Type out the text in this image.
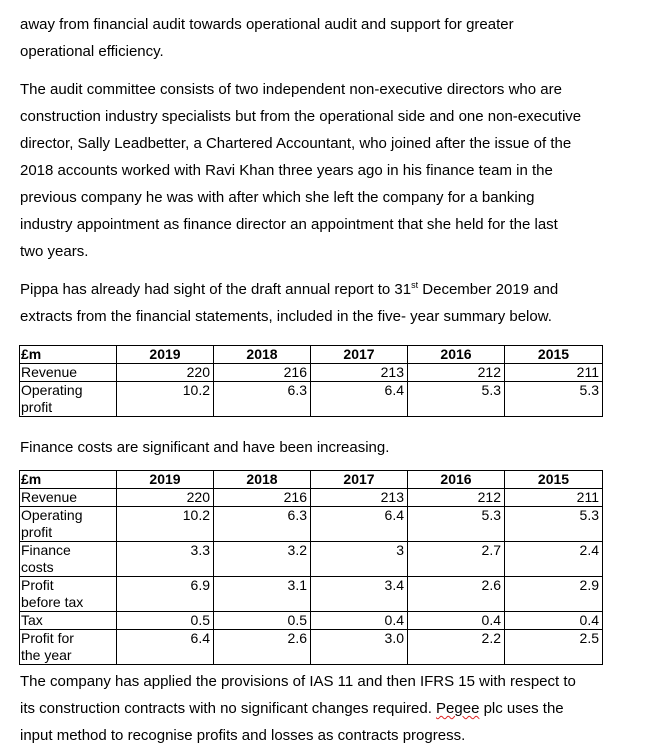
away from financial audit towards operational audit and support for greater
operational efficiency.
The audit committee consists of two independent non-executive directors who are
construction industry specialists but from the operational side and one non-executive
director, Sally Leadbetter, a Chartered Accountant, who joined after the issue of the
2018 accounts worked with Ravi Khan three years ago in his finance team in the
previous company he was with after which she left the company for a banking
industry appointment as finance director an appointment that she held for the last
two years.
Pippa has already had sight of the draft annual report to 31st December 2019 and
extracts from the financial statements, included in the five- year summary below.
£m	2019	2018	2017	2016	2015
Revenue	220	216	213	212	211
Operating
profit	10.2	6.3	6.4	5.3	5.3
Finance costs are significant and have been increasing.
£m	2019	2018	2017	2016	2015
Revenue	220	216	213	212	211
Operating
profit	10.2	6.3	6.4	5.3	5.3
Finance
costs	3.3	3.2	3	2.7	2.4
Profit
before tax	6.9	3.1	3.4	2.6	2.9
Tax	0.5	0.5	0.4	0.4	0.4
Profit for
the year	6.4	2.6	3.0	2.2	2.5
The company has applied the provisions of IAS 11 and then IFRS 15 with respect to
its construction contracts with no significant changes required. Pegee plc uses the
input method to recognise profits and losses as contracts progress.
